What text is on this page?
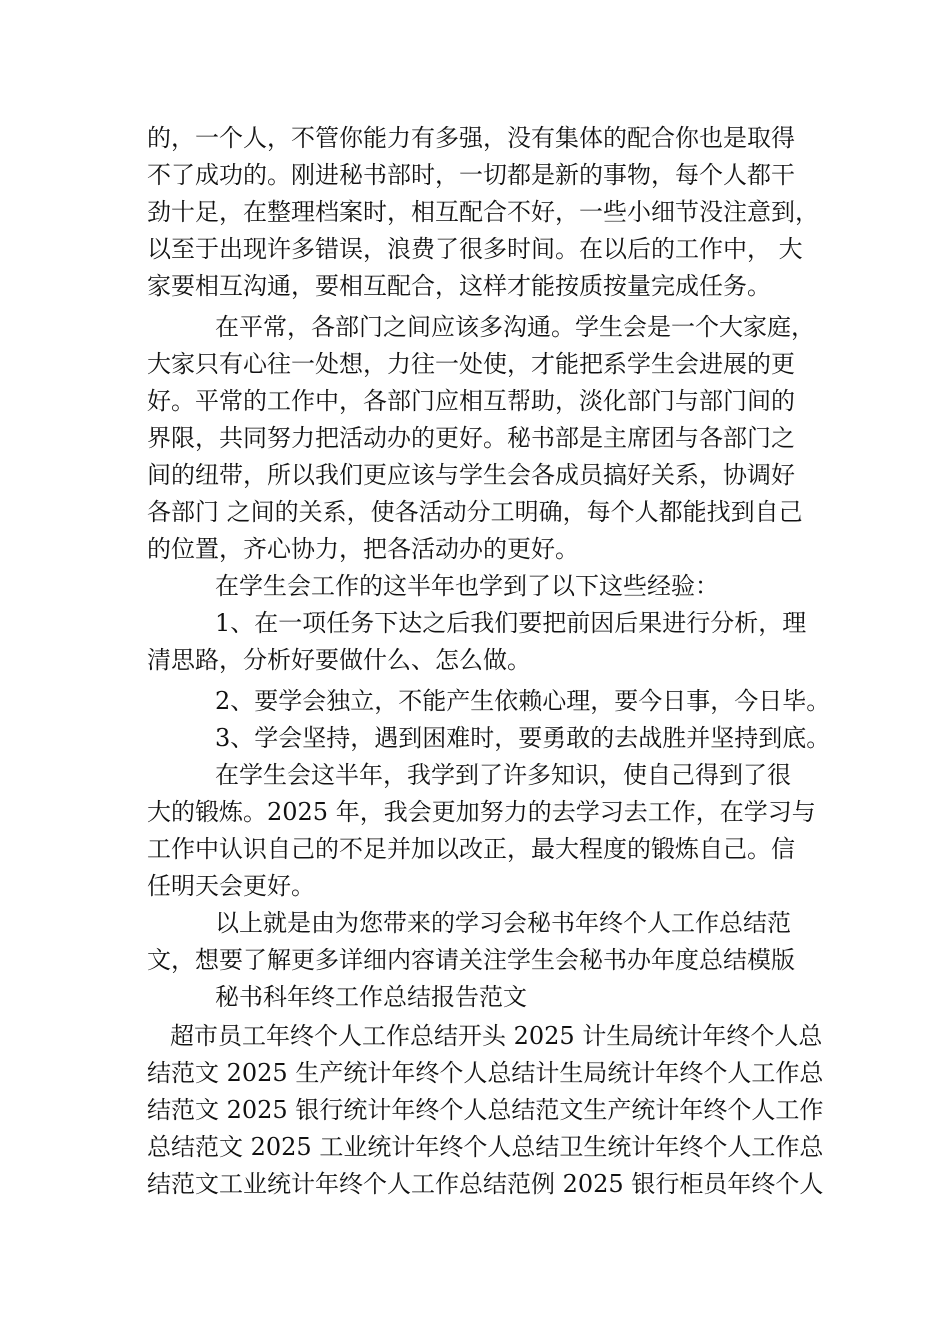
的，一个人，不管你能力有多强，没有集体的配合你也是取得
不了成功的。刚进秘书部时，一切都是新的事物，每个人都干
劲十足，在整理档案时，相互配合不好，一些小细节没注意到，
以至于出现许多错误，浪费了很多时间。在以后的工作中， 大
家要相互沟通，要相互配合，这样才能按质按量完成任务。
在平常，各部门之间应该多沟通。学生会是一个大家庭，
大家只有心往一处想，力往一处使，才能把系学生会进展的更
好。平常的工作中，各部门应相互帮助，淡化部门与部门间的
界限，共同努力把活动办的更好。秘书部是主席团与各部门之
间的纽带，所以我们更应该与学生会各成员搞好关系，协调好
各部门 之间的关系，使各活动分工明确，每个人都能找到自己
的位置，齐心协力，把各活动办的更好。
在学生会工作的这半年也学到了以下这些经验：
1、在一项任务下达之后我们要把前因后果进行分析，理
清思路，分析好要做什么、怎么做。
2、要学会独立，不能产生依赖心理，要今日事，今日毕。
3、学会坚持，遇到困难时，要勇敢的去战胜并坚持到底。
在学生会这半年，我学到了许多知识，使自己得到了很
大的锻炼。2025 年，我会更加努力的去学习去工作，在学习与
工作中认识自己的不足并加以改正，最大程度的锻炼自己。信
任明天会更好。
以上就是由为您带来的学习会秘书年终个人工作总结范
文，想要了解更多详细内容请关注学生会秘书办年度总结模版
秘书科年终工作总结报告范文
超市员工年终个人工作总结开头 2025 计生局统计年终个人总
结范文 2025 生产统计年终个人总结计生局统计年终个人工作总
结范文 2025 银行统计年终个人总结范文生产统计年终个人工作
总结范文 2025 工业统计年终个人总结卫生统计年终个人工作总
结范文工业统计年终个人工作总结范例 2025 银行柜员年终个人
